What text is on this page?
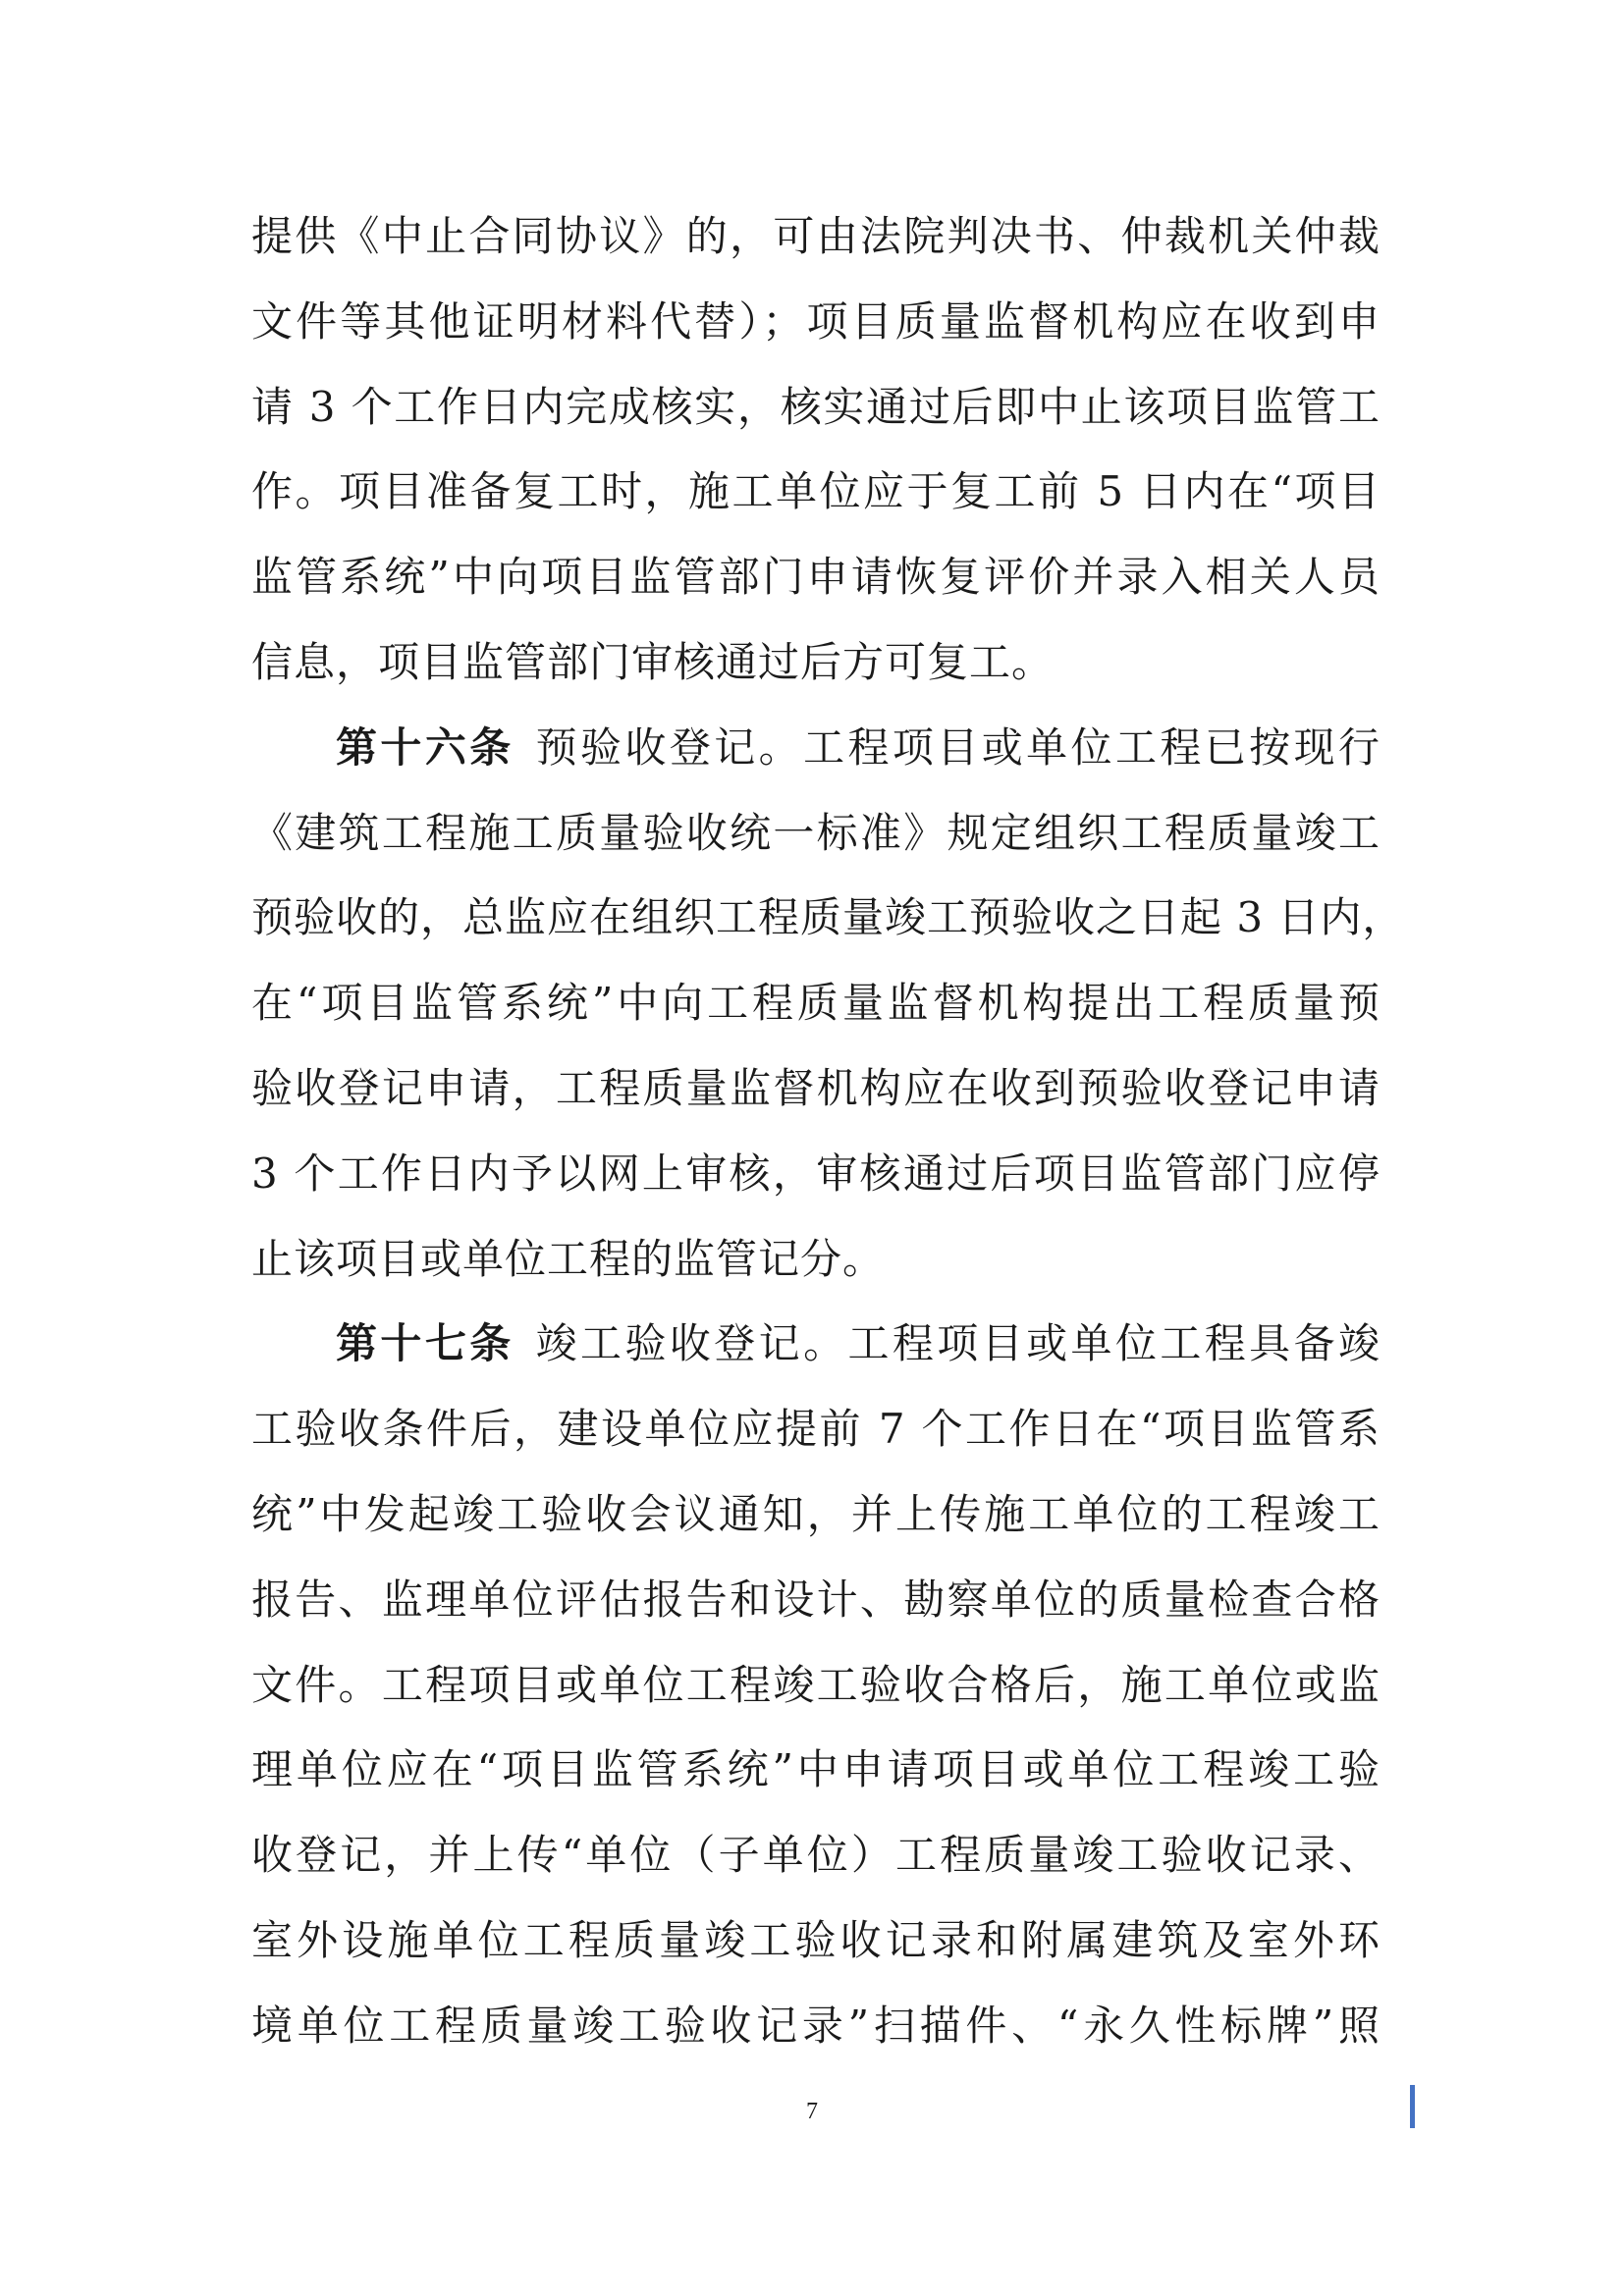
提供《中止合同协议》的，可由法院判决书、仲裁机关仲裁
文件等其他证明材料代替）；项目质量监督机构应在收到申
请 3 个工作日内完成核实，核实通过后即中止该项目监管工
作。项目准备复工时，施工单位应于复工前 5 日内在“项目
监管系统”中向项目监管部门申请恢复评价并录入相关人员
信息，项目监管部门审核通过后方可复工。
第十六条 预验收登记。工程项目或单位工程已按现行
《建筑工程施工质量验收统一标准》规定组织工程质量竣工
预验收的，总监应在组织工程质量竣工预验收之日起 3 日内，
在“项目监管系统”中向工程质量监督机构提出工程质量预
验收登记申请，工程质量监督机构应在收到预验收登记申请
3 个工作日内予以网上审核，审核通过后项目监管部门应停
止该项目或单位工程的监管记分。
第十七条 竣工验收登记。工程项目或单位工程具备竣
工验收条件后，建设单位应提前 7 个工作日在“项目监管系
统”中发起竣工验收会议通知，并上传施工单位的工程竣工
报告、监理单位评估报告和设计、勘察单位的质量检查合格
文件。工程项目或单位工程竣工验收合格后，施工单位或监
理单位应在“项目监管系统”中申请项目或单位工程竣工验
收登记，并上传“单位（子单位）工程质量竣工验收记录、
室外设施单位工程质量竣工验收记录和附属建筑及室外环
境单位工程质量竣工验收记录”扫描件、“永久性标牌”照
7
